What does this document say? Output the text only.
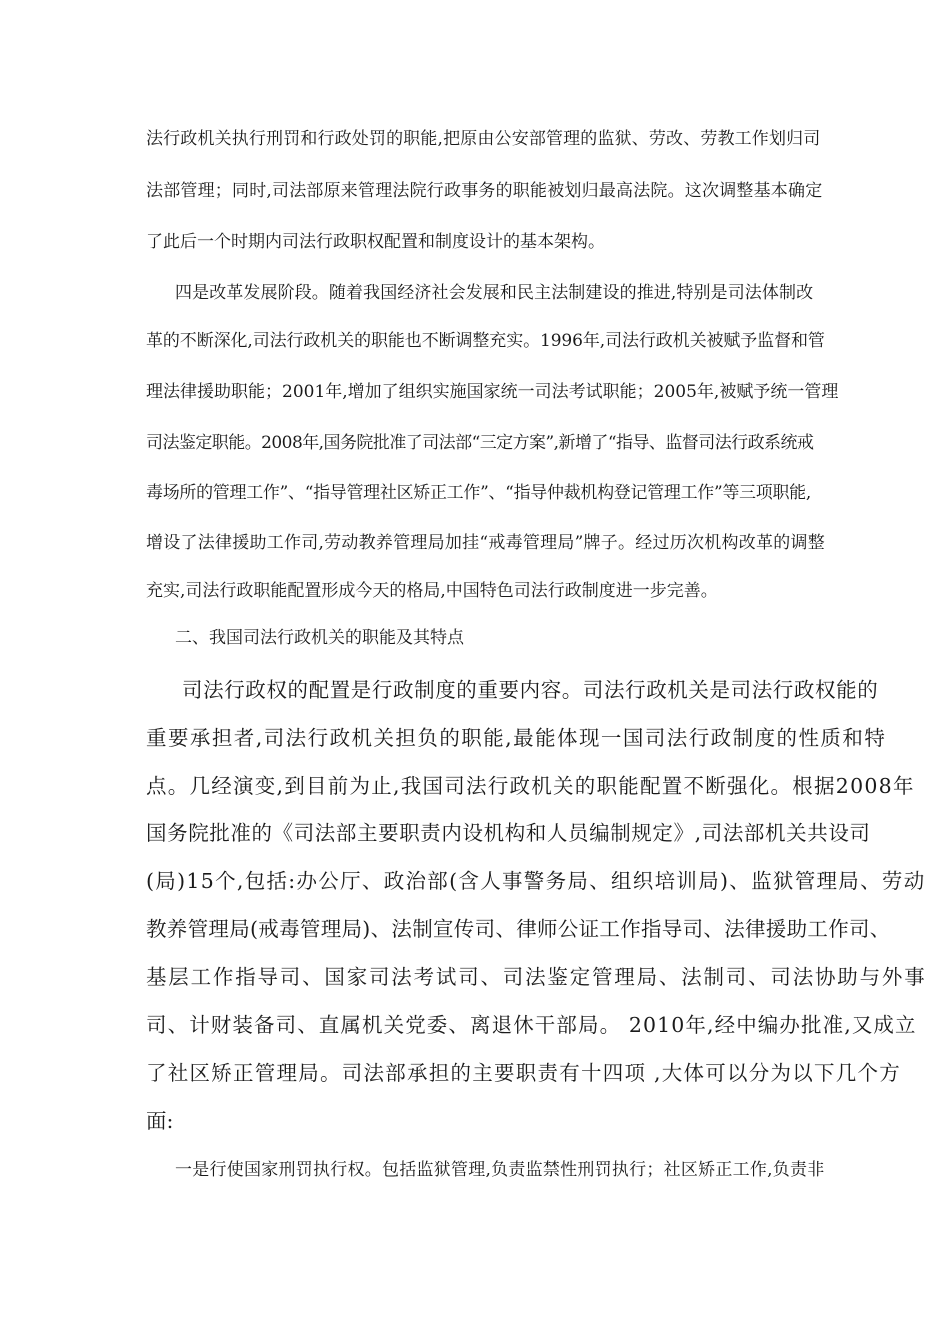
法行政机关执行刑罚和行政处罚的职能,把原由公安部管理的监狱、劳改、劳教工作划归司
法部管理；同时,司法部原来管理法院行政事务的职能被划归最高法院。这次调整基本确定
了此后一个时期内司法行政职权配置和制度设计的基本架构。
四是改革发展阶段。随着我国经济社会发展和民主法制建设的推进,特别是司法体制改
革的不断深化,司法行政机关的职能也不断调整充实。1996年,司法行政机关被赋予监督和管
理法律援助职能；2001年,增加了组织实施国家统一司法考试职能；2005年,被赋予统一管理
司法鉴定职能。2008年,国务院批准了司法部“三定方案”,新增了“指导、监督司法行政系统戒
毒场所的管理工作”、“指导管理社区矫正工作”、“指导仲裁机构登记管理工作”等三项职能,
增设了法律援助工作司,劳动教养管理局加挂“戒毒管理局”牌子。经过历次机构改革的调整
充实,司法行政职能配置形成今天的格局,中国特色司法行政制度进一步完善。
二、我国司法行政机关的职能及其特点
司法行政权的配置是行政制度的重要内容。司法行政机关是司法行政权能的
重要承担者,司法行政机关担负的职能,最能体现一国司法行政制度的性质和特
点。几经演变,到目前为止,我国司法行政机关的职能配置不断强化。根据2008年
国务院批准的《司法部主要职责内设机构和人员编制规定》,司法部机关共设司
(局)15个,包括:办公厅、政治部(含人事警务局、组织培训局)、监狱管理局、劳动
教养管理局(戒毒管理局)、法制宣传司、律师公证工作指导司、法律援助工作司、
基层工作指导司、国家司法考试司、司法鉴定管理局、法制司、司法协助与外事
司、计财装备司、直属机关党委、离退休干部局。 2010年,经中编办批准,又成立
了社区矫正管理局。司法部承担的主要职责有十四项 ,大体可以分为以下几个方
面:
一是行使国家刑罚执行权。包括监狱管理,负责监禁性刑罚执行；社区矫正工作,负责非
